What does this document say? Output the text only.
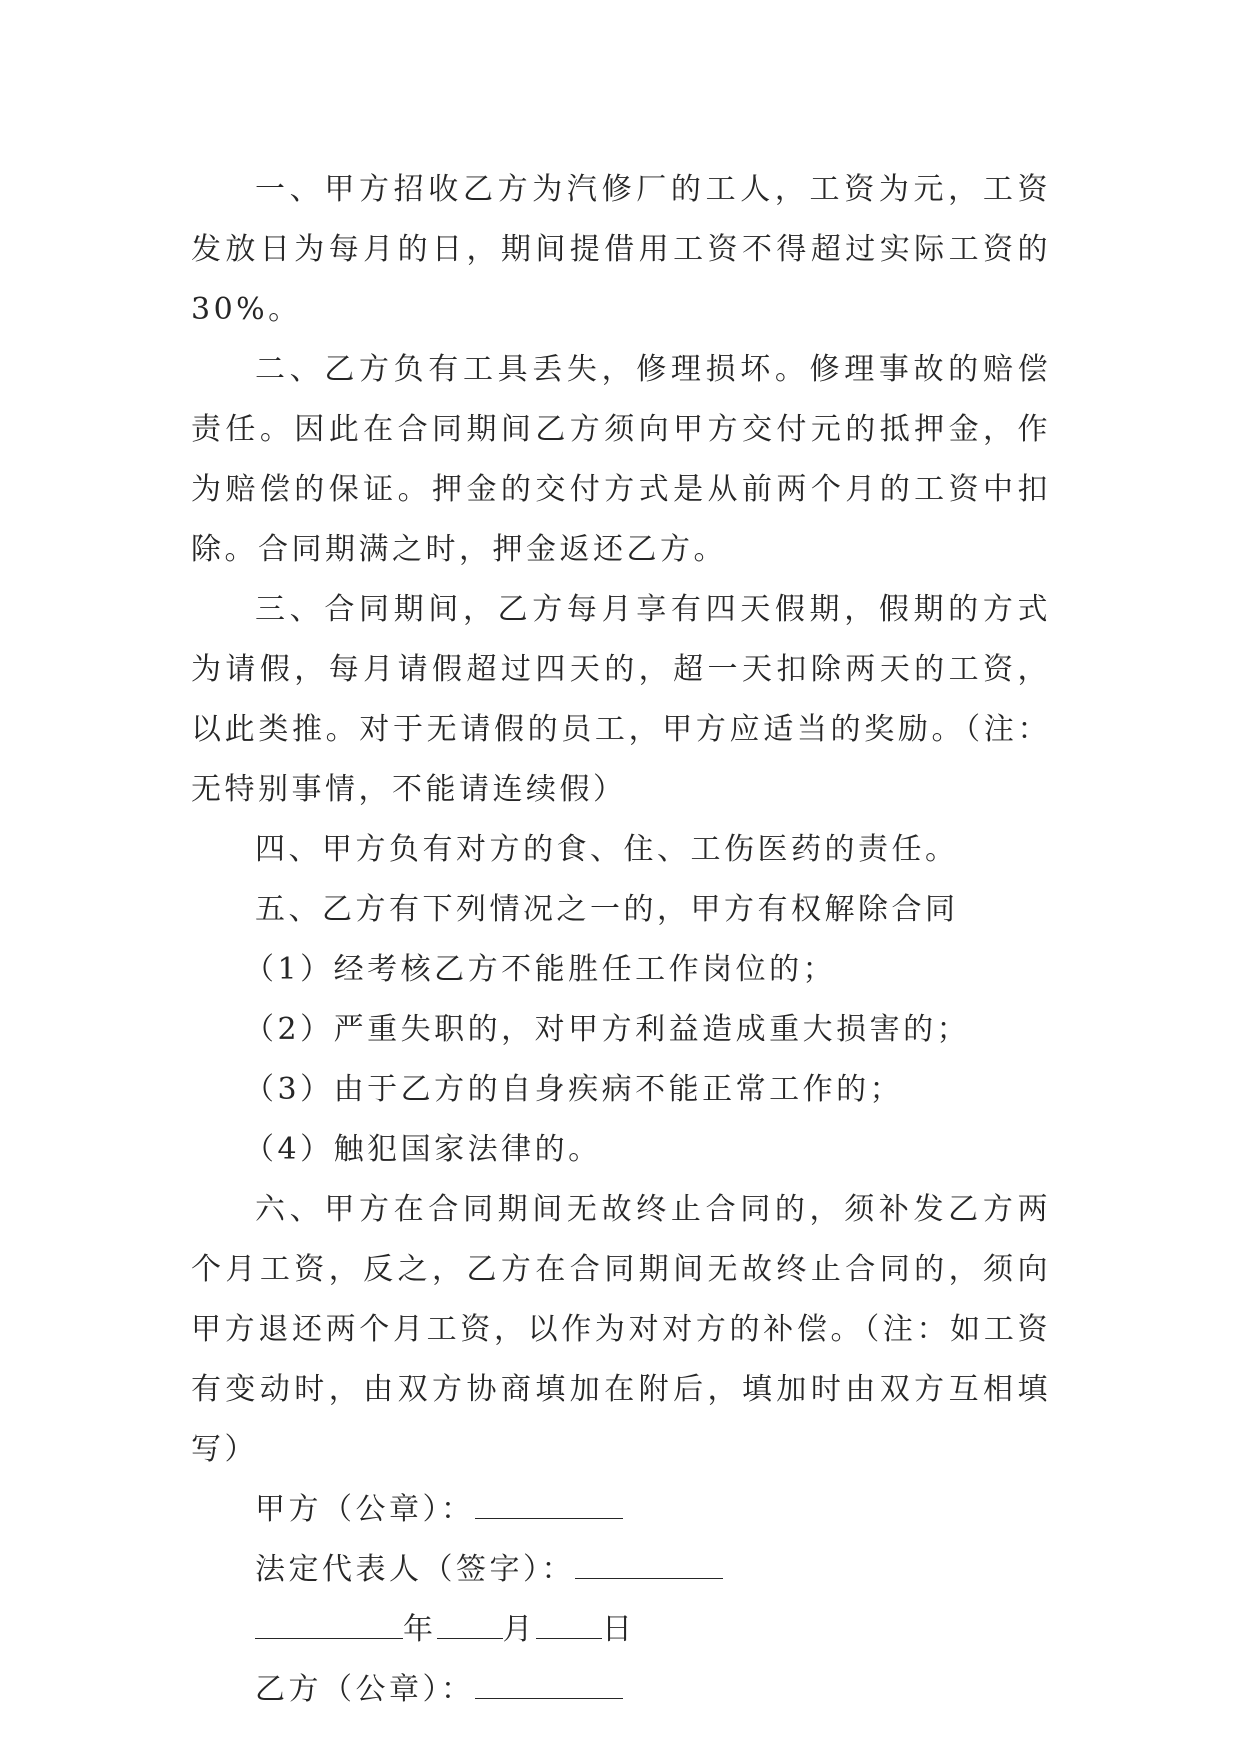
一、甲方招收乙方为汽修厂的工人，工资为元，工资发放日为每月的日，期间提借用工资不得超过实际工资的30%。

二、乙方负有工具丢失，修理损坏。修理事故的赔偿责任。因此在合同期间乙方须向甲方交付元的抵押金，作为赔偿的保证。押金的交付方式是从前两个月的工资中扣除。合同期满之时，押金返还乙方。

三、合同期间，乙方每月享有四天假期，假期的方式为请假，每月请假超过四天的，超一天扣除两天的工资，以此类推。对于无请假的员工，甲方应适当的奖励。（注：无特别事情，不能请连续假）

四、甲方负有对方的食、住、工伤医药的责任。

五、乙方有下列情况之一的，甲方有权解除合同

（1）经考核乙方不能胜任工作岗位的；

（2）严重失职的，对甲方利益造成重大损害的；

（3）由于乙方的自身疾病不能正常工作的；

（4）触犯国家法律的。

六、甲方在合同期间无故终止合同的，须补发乙方两个月工资，反之，乙方在合同期间无故终止合同的，须向甲方退还两个月工资，以作为对对方的补偿。（注：如工资有变动时，由双方协商填加在附后，填加时由双方互相填写）

甲方（公章）：

法定代表人（签字）：

年 月 日

乙方（公章）：
